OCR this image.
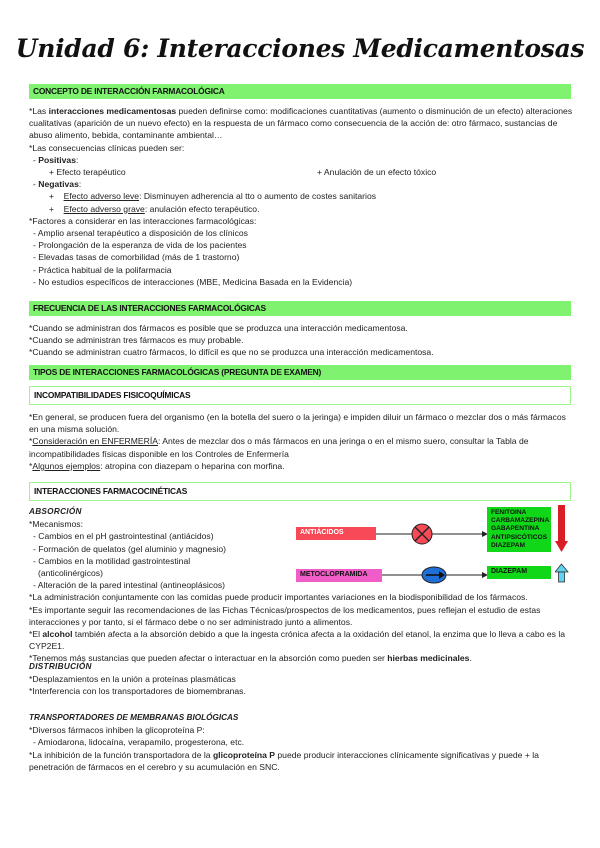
Unidad 6: Interacciones Medicamentosas
CONCEPTO DE INTERACCIÓN FARMACOLÓGICA

*Las interacciones medicamentosas pueden definirse como: modificaciones cuantitativas (aumento o disminución de un efecto) alteraciones cualitativas (aparición de un nuevo efecto) en la respuesta de un fármaco como consecuencia de la acción de: otro fármaco, sustancias de abuso alimento, bebida, contaminante ambiental…

*Las consecuencias clínicas pueden ser:

- Positivas:

+ Efecto terapéutico	+ Anulación de un efecto tóxico

- Negativas:

+ Efecto adverso leve: Disminuyen adherencia al tto o aumento de costes sanitarios

+ Efecto adverso grave: anulación efecto terapéutico.

*Factores a considerar en las interacciones farmacológicas:

- Amplio arsenal terapéutico a disposición de los clínicos

- Prolongación de la esperanza de vida de los pacientes

- Elevadas tasas de comorbilidad (más de 1 trastorno)

- Práctica habitual de la polifarmacia

- No estudios específicos de interacciones (MBE, Medicina Basada en la Evidencia)

FRECUENCIA DE LAS INTERACCIONES FARMACOLÓGICAS

*Cuando se administran dos fármacos es posible que se produzca una interacción medicamentosa.

*Cuando se administran tres fármacos es muy probable.

*Cuando se administran cuatro fármacos, lo difícil es que no se produzca una interacción medicamentosa.

TIPOS DE INTERACCIONES FARMACOLÓGICAS (PREGUNTA DE EXAMEN)
INCOMPATIBILIDADES FISICOQUÍMICAS

*En general, se producen fuera del organismo (en la botella del suero o la jeringa) e impiden diluir un fármaco o mezclar dos o más fármacos en una misma solución.

*Consideración en ENFERMERÍA: Antes de mezclar dos o más fármacos en una jeringa o en el mismo suero, consultar la Tabla de incompatibilidades físicas disponible en los Controles de Enfermería

*Algunos ejemplos: atropina con diazepam o heparina con morfina.

INTERACCIONES FARMACOCINÉTICAS

ABSORCIÓN

*Mecanismos:

- Cambios en el pH gastrointestinal (antiácidos)

- Formación de quelatos (gel aluminio y magnesio)

- Cambios en la motilidad gastrointestinal

(anticolinérgicos)

- Alteración de la pared intestinal (antineoplásicos)

*La administración conjuntamente con las comidas puede producir importantes variaciones en la biodisponibilidad de los fármacos.

*Es importante seguir las recomendaciones de las Fichas Técnicas/prospectos de los medicamentos, pues reflejan el estudio de estas interacciones y por tanto, si el fármaco debe o no ser administrado junto a alimentos.

*El alcohol también afecta a la absorción debido a que la ingesta crónica afecta a la oxidación del etanol, la enzima que lo lleva a cabo es la CYP2E1.

*Tenemos más sustancias que pueden afectar o interactuar en la absorción como pueden ser hierbas medicinales.

ANTIÁCIDOS
FENITOINA
CARBAMAZEPINA
GABAPENTINA
ANTIPSICÓTICOS
DIAZEPAM
METOCLOPRAMIDA	DIAZEPAM

DISTRIBUCIÓN

*Desplazamientos en la unión a proteínas plasmáticas

*Interferencia con los transportadores de biomembranas.

TRANSPORTADORES DE MEMBRANAS BIOLÓGICAS

*Diversos fármacos inhiben la glicoproteína P:

- Amiodarona, lidocaína, verapamilo, progesterona, etc.

*La inhibición de la función transportadora de la glicoproteína P puede producir interacciones clínicamente significativas y puede + la penetración de fármacos en el cerebro y su acumulación en SNC.
